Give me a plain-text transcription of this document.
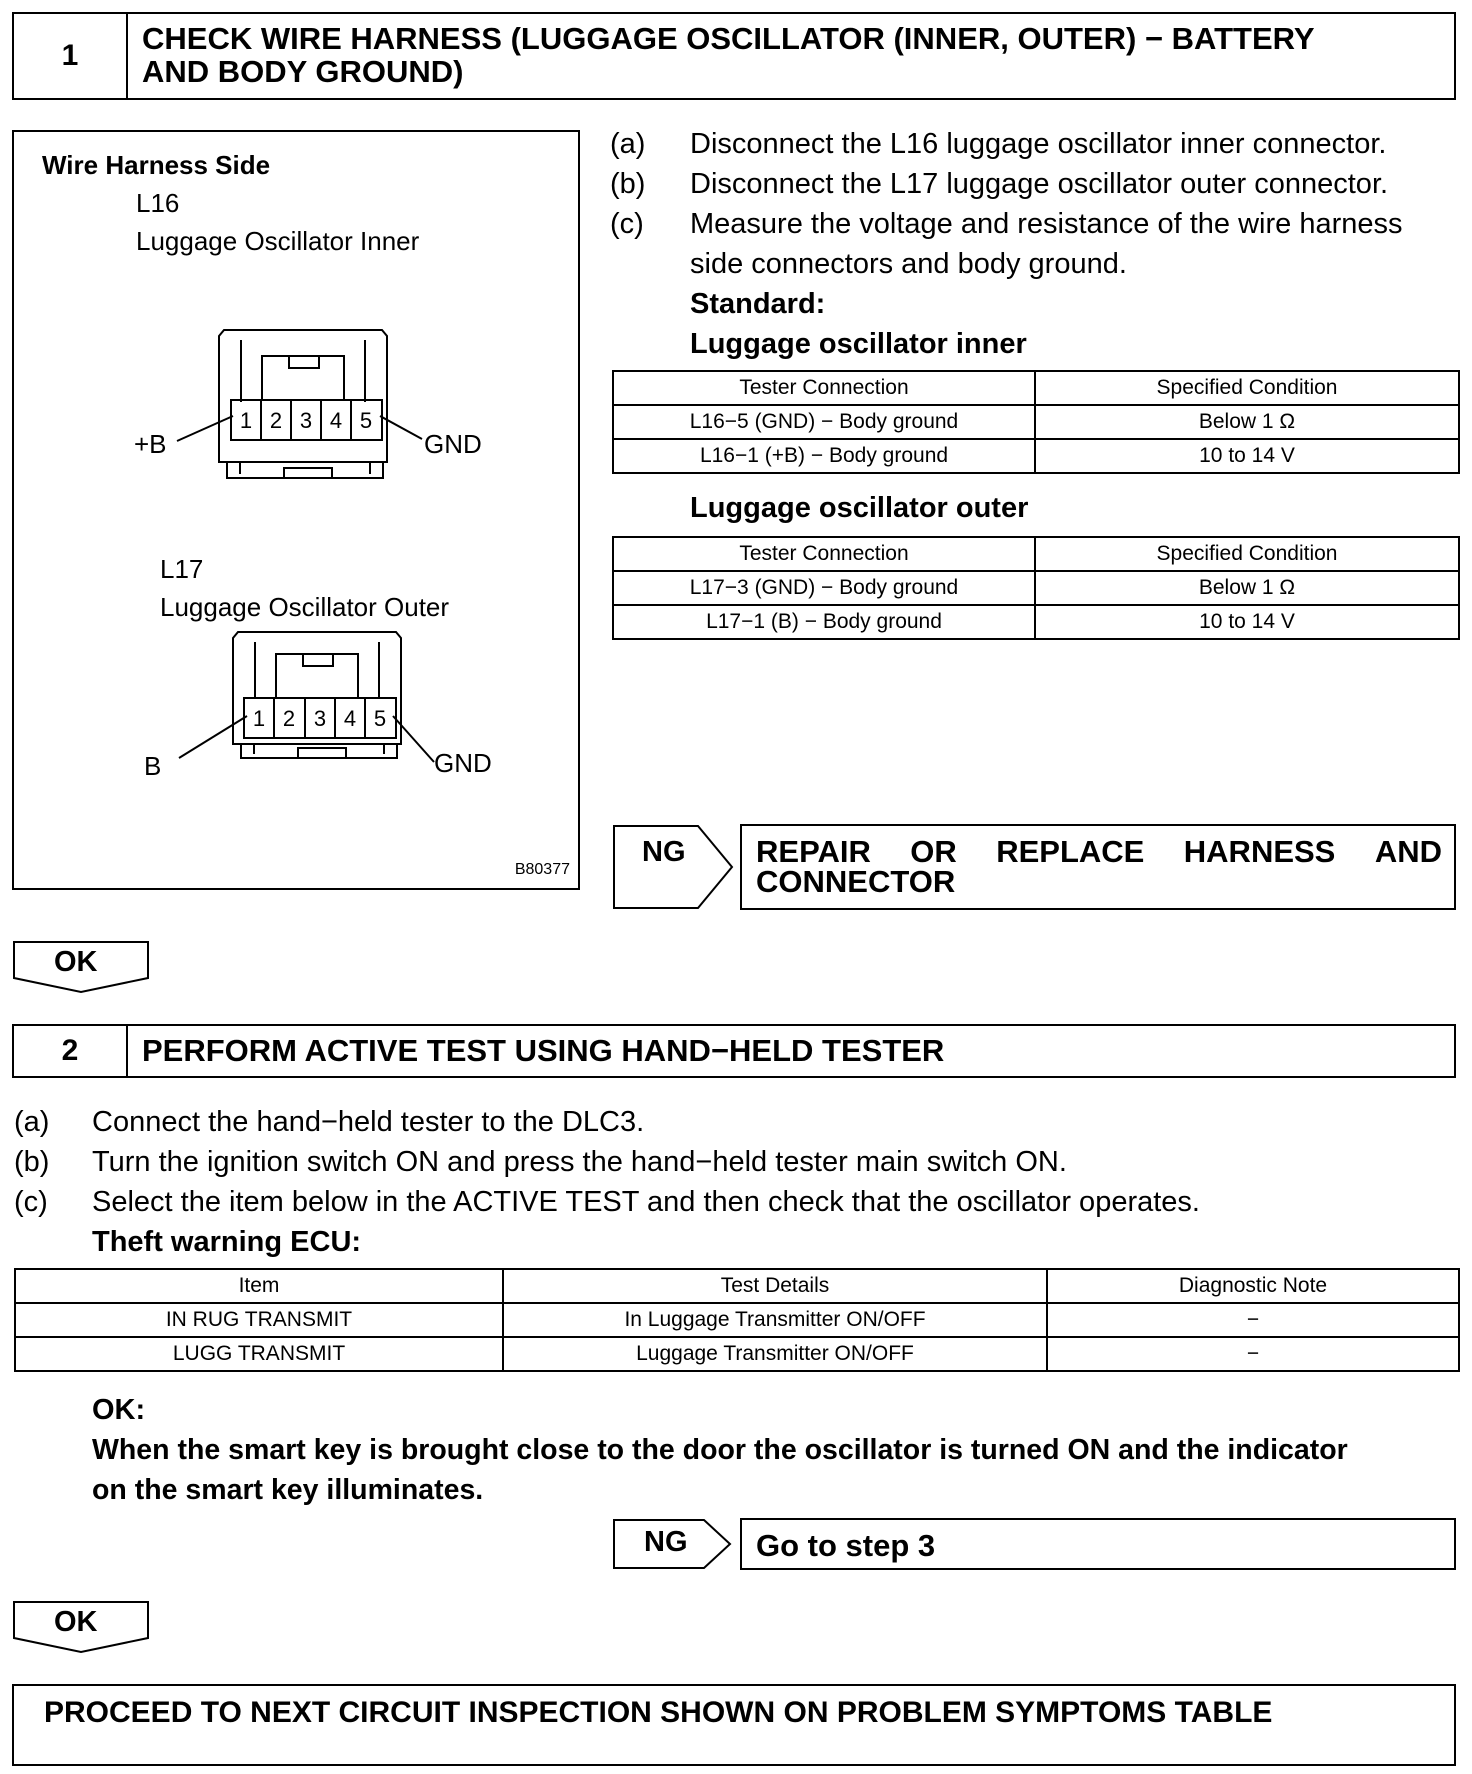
1	CHECK WIRE HARNESS (LUGGAGE OSCILLATOR (INNER, OUTER) − BATTERY
AND BODY GROUND)
Wire Harness Side
L16
Luggage Oscillator Inner
L17
Luggage Oscillator Outer
1 2 3 4 5
1 2 3 4 5
+B	GND
B	GND
B80377
(a) Disconnect the L16 luggage oscillator inner connector.
(b) Disconnect the L17 luggage oscillator outer connector.
(c) Measure the voltage and resistance of the wire harness
side connectors and body ground.
Standard:
Luggage oscillator inner
Tester Connection	Specified Condition
L16−5 (GND) − Body ground	Below 1 Ω
L16−1 (+B) − Body ground	10 to 14 V
Luggage oscillator outer
Tester Connection	Specified Condition
L17−3 (GND) − Body ground	Below 1 Ω
L17−1 (B) − Body ground	10 to 14 V
NG REPAIR OR REPLACE HARNESS AND
CONNECTOR
OK
2	PERFORM ACTIVE TEST USING HAND−HELD TESTER
(a) Connect the hand−held tester to the DLC3.
(b) Turn the ignition switch ON and press the hand−held tester main switch ON.
(c) Select the item below in the ACTIVE TEST and then check that the oscillator operates.
Theft warning ECU:
Item	Test Details	Diagnostic Note
IN RUG TRANSMIT	In Luggage Transmitter ON/OFF	−
LUGG TRANSMIT	Luggage Transmitter ON/OFF	−
OK:
When the smart key is brought close to the door the oscillator is turned ON and the indicator
on the smart key illuminates.
NG Go to step 3
OK
PROCEED TO NEXT CIRCUIT INSPECTION SHOWN ON PROBLEM SYMPTOMS TABLE
